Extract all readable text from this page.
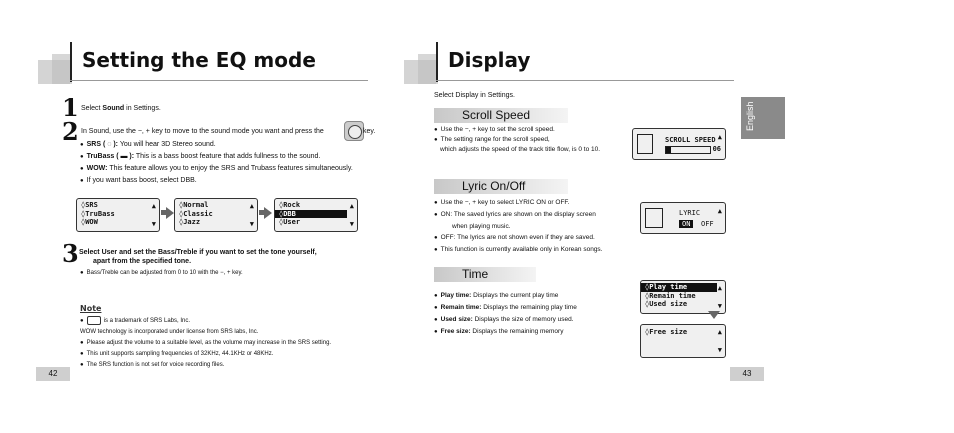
Setting the EQ mode
1 Select Sound in Settings.
2 In Sound, use the −, + key to move to the sound mode you want and press the	key.
● SRS ( ◌ ): You will hear 3D Stereo sound.
● TruBass ( ▬ ): This is a bass boost feature that adds fullness to the sound.
● WOW: This feature allows you to enjoy the SRS and Trubass features simultaneously.
● If you want bass boost, select DBB.
◊SRS
◊TruBass
◊WOW
▲
▼
◊Normal
◊Classic
◊Jazz
▲
▼
◊Rock
◊DBB
◊User
▲
▼
3 Select User and set the Bass/Treble if you want to set the tone yourself,
apart from the specified tone.
● Bass/Treble can be adjusted from 0 to 10 with the −, + key.
Note
● is a trademark of SRS Labs, Inc.
WOW technology is incorporated under license from SRS labs, Inc.
● Please adjust the volume to a suitable level, as the volume may increase in the SRS setting.
● This unit supports sampling frequencies of 32KHz, 44.1KHz or 48KHz.
● The SRS function is not set for voice recording files.
42
Display
English
Select Display in Settings.
Scroll Speed
● Use the −, + key to set the scroll speed.
● The setting range for the scroll speed,
which adjusts the speed of the track title flow, is 0 to 10.
SCROLL SPEED
06
▲
Lyric On/Off
● Use the −, + key to select LYRIC ON or OFF.
● ON: The saved lyrics are shown on the display screen
when playing music.
● OFF: The lyrics are not shown even if they are saved.
● This function is currently available only in Korean songs.
LYRIC
ON	OFF
▲
Time
● Play time: Displays the current play time
● Remain time: Displays the remaining play time
● Used size: Displays the size of memory used.
● Free size: Displays the remaining memory
◊Play time
◊Remain time
◊Used size
▲
▼
◊Free size	▲
▼
43
